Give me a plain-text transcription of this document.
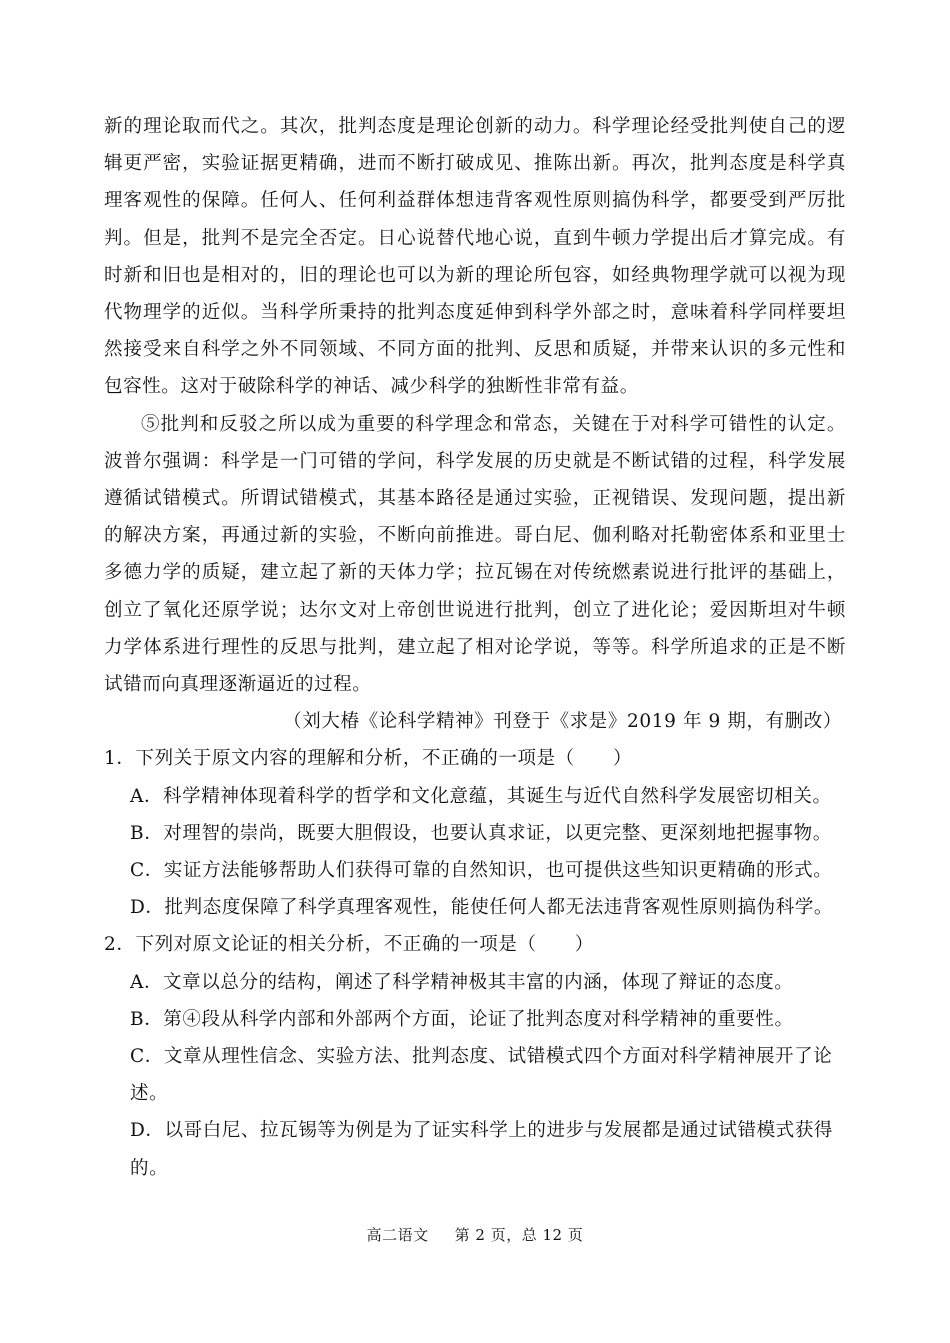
新的理论取而代之。其次，批判态度是理论创新的动力。科学理论经受批判使自己的逻辑更严密，实验证据更精确，进而不断打破成见、推陈出新。再次，批判态度是科学真理客观性的保障。任何人、任何利益群体想违背客观性原则搞伪科学，都要受到严厉批判。但是，批判不是完全否定。日心说替代地心说，直到牛顿力学提出后才算完成。有时新和旧也是相对的，旧的理论也可以为新的理论所包容，如经典物理学就可以视为现代物理学的近似。当科学所秉持的批判态度延伸到科学外部之时，意味着科学同样要坦然接受来自科学之外不同领域、不同方面的批判、反思和质疑，并带来认识的多元性和包容性。这对于破除科学的神话、减少科学的独断性非常有益。

⑤批判和反驳之所以成为重要的科学理念和常态，关键在于对科学可错性的认定。波普尔强调：科学是一门可错的学问，科学发展的历史就是不断试错的过程，科学发展遵循试错模式。所谓试错模式，其基本路径是通过实验，正视错误、发现问题，提出新的解决方案，再通过新的实验，不断向前推进。哥白尼、伽利略对托勒密体系和亚里士多德力学的质疑，建立起了新的天体力学；拉瓦锡在对传统燃素说进行批评的基础上，创立了氧化还原学说；达尔文对上帝创世说进行批判，创立了进化论；爱因斯坦对牛顿力学体系进行理性的反思与批判，建立起了相对论学说，等等。科学所追求的正是不断试错而向真理逐渐逼近的过程。

（刘大椿《论科学精神》刊登于《求是》2019 年 9 期，有删改）

1．下列关于原文内容的理解和分析，不正确的一项是（　　）

A．科学精神体现着科学的哲学和文化意蕴，其诞生与近代自然科学发展密切相关。

B．对理智的崇尚，既要大胆假设，也要认真求证，以更完整、更深刻地把握事物。

C．实证方法能够帮助人们获得可靠的自然知识，也可提供这些知识更精确的形式。

D．批判态度保障了科学真理客观性，能使任何人都无法违背客观性原则搞伪科学。

2．下列对原文论证的相关分析，不正确的一项是（　　）

A．文章以总分的结构，阐述了科学精神极其丰富的内涵，体现了辩证的态度。

B．第④段从科学内部和外部两个方面，论证了批判态度对科学精神的重要性。

C．文章从理性信念、实验方法、批判态度、试错模式四个方面对科学精神展开了论述。

D．以哥白尼、拉瓦锡等为例是为了证实科学上的进步与发展都是通过试错模式获得的。

高二语文 第 2 页，总 12 页
